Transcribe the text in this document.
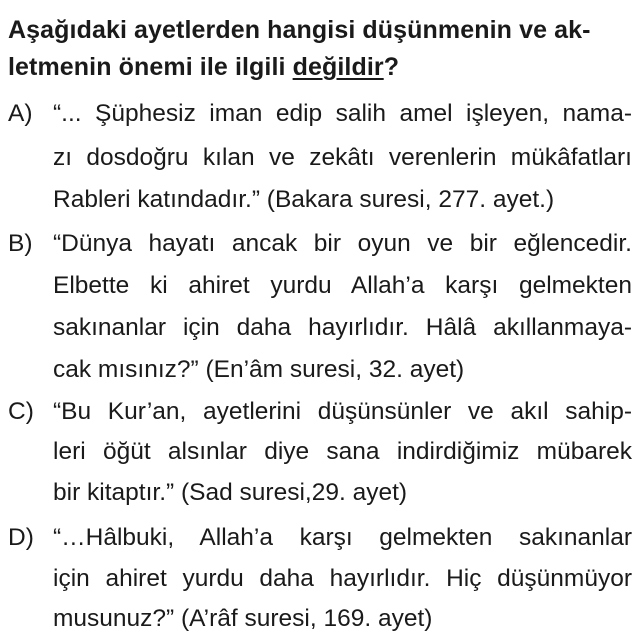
Aşağıdaki ayetlerden hangisi düşünmenin ve ak-
letmenin önemi ile ilgili değildir?
A) “... Şüphesiz iman edip salih amel işleyen, nama-
zı dosdoğru kılan ve zekâtı verenlerin mükâfatları
Rableri katındadır.” (Bakara suresi, 277. ayet.)
B) “Dünya hayatı ancak bir oyun ve bir eğlencedir.
Elbette ki ahiret yurdu Allah’a karşı gelmekten
sakınanlar için daha hayırlıdır. Hâlâ akıllanmaya-
cak mısınız?” (En’âm suresi, 32. ayet)
C) “Bu Kur’an, ayetlerini düşünsünler ve akıl sahip-
leri öğüt alsınlar diye sana indirdiğimiz mübarek
bir kitaptır.” (Sad suresi,29. ayet)
D) “…Hâlbuki, Allah’a karşı gelmekten sakınanlar
için ahiret yurdu daha hayırlıdır. Hiç düşünmüyor
musunuz?” (A’râf suresi, 169. ayet)
